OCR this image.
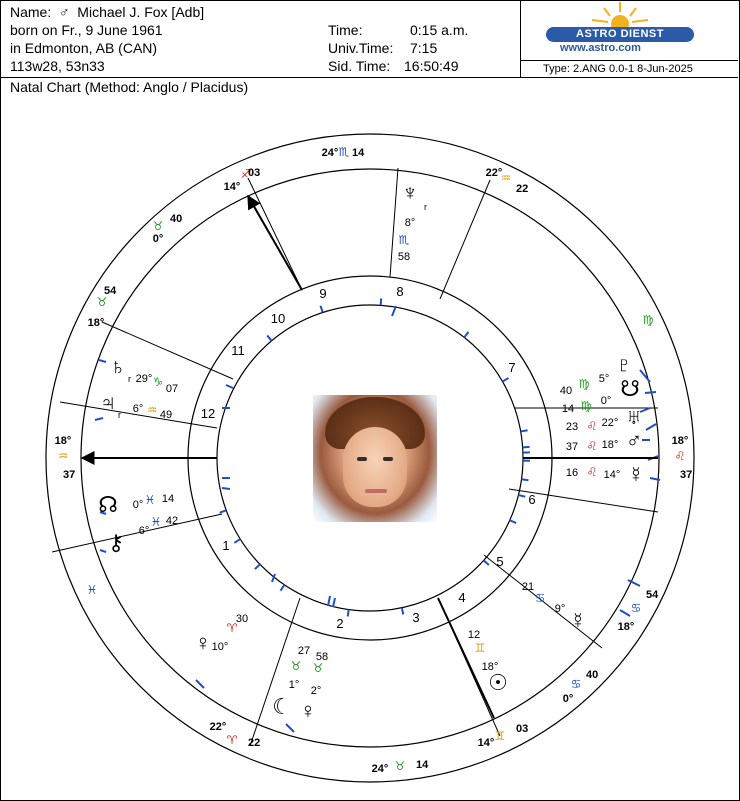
Name:  ♂  Michael J. Fox [Adb]
born on Fr., 9 June 1961
in Edmonton, AB (CAN)
113w28, 53n33
Time:	0:15 a.m.
Univ.Time: 7:15
Sid. Time: 16:50:49
ASTRO DIENST
www.astro.com
Type: 2.ANG 0.0-1 8-Jun-2025
Natal Chart (Method: Anglo / Placidus)
1
2	3
4
5
6
7
8
9
10
11
12
24° ♏ 14
22°
♒
22
14°
♐
03
0°
♉ 40
18°
♉
54
18°
♒
37
18°
♌
37
18°
♋
54
0°
♋
40
14° ♊ 03
24° ♉ 14
22°
♈ 22
♆
r
8°
♏
58
♄ r 29° ♑ 07
♃ r 6° ♒ 49
☊ 0° ♓ 14
⚷ 6°
♓ 42
♀ 10°
♈
30
☾
1°
♉
27
♀
2°
♉
58
☉
18°
♊
12
☿
9°
♋
21
♇
5°
♍
40 ☋
0°
♍
14 ♅
22°
♌
23
♂
18°
♌
37
☿
14°
♌
16
♍
♓
